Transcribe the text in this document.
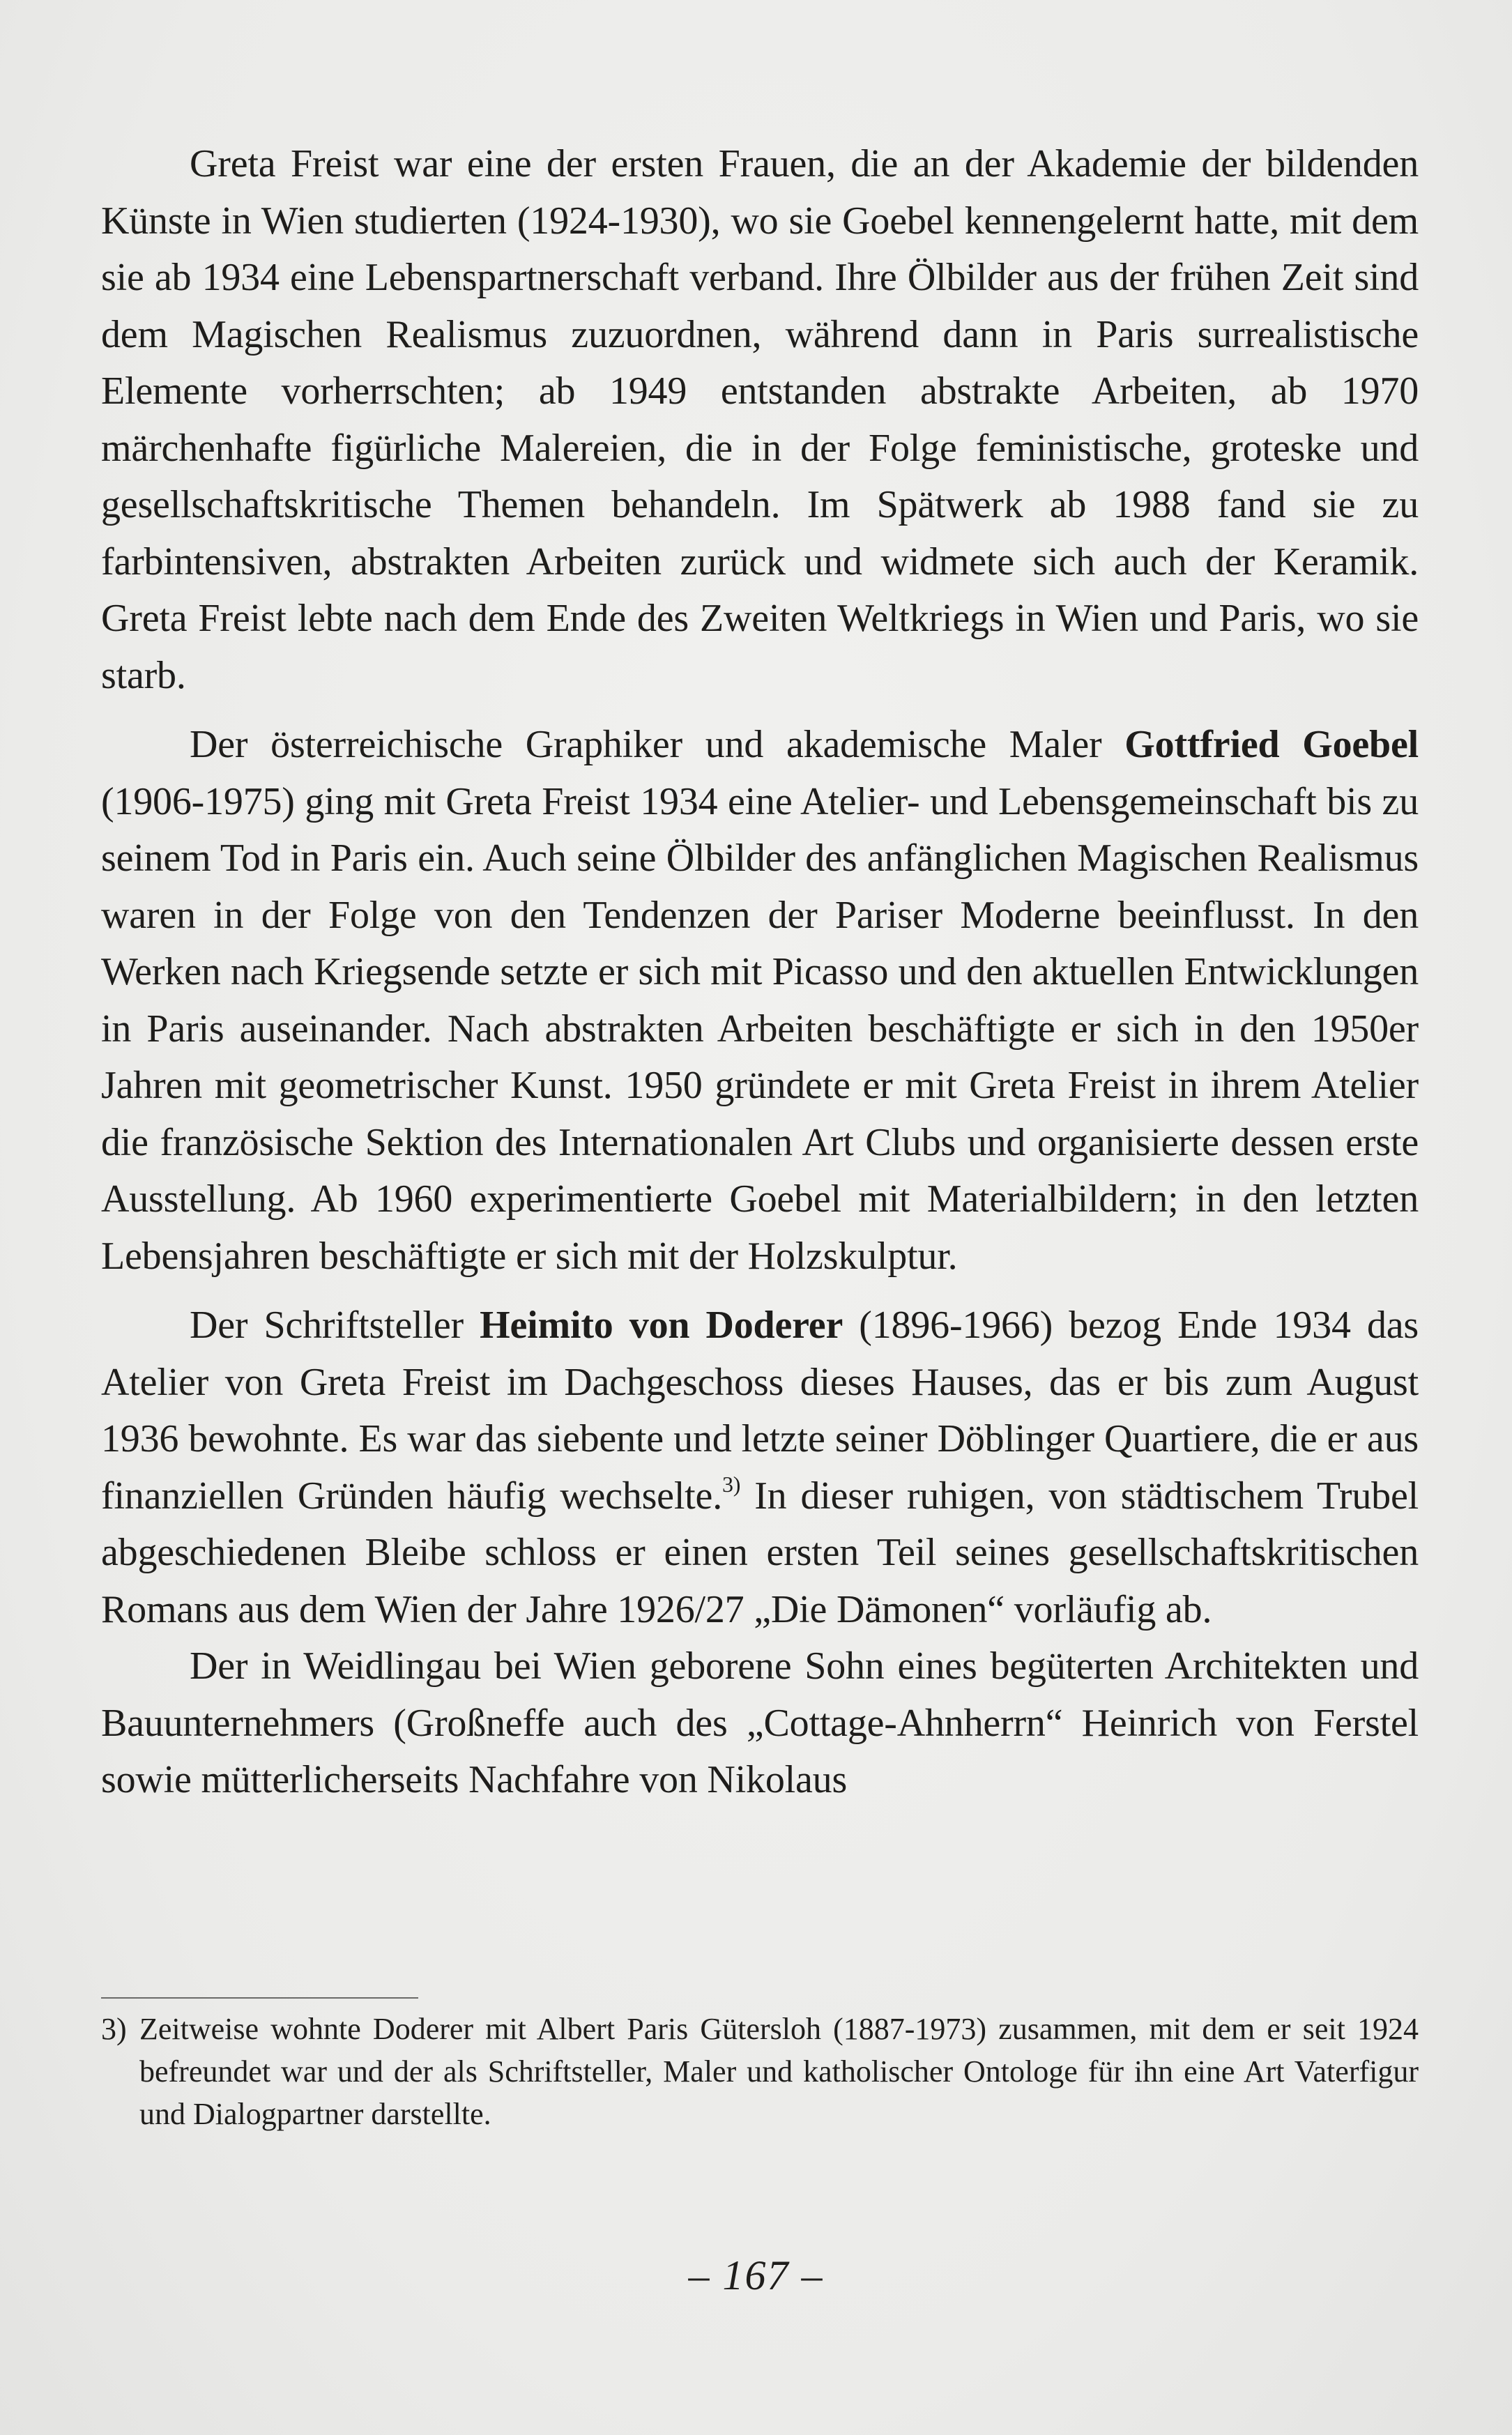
Greta Freist war eine der ersten Frauen, die an der Akademie der bildenden Künste in Wien studierten (1924-1930), wo sie Goebel kennengelernt hatte, mit dem sie ab 1934 eine Lebenspartnerschaft verband. Ihre Ölbilder aus der frühen Zeit sind dem Magischen Realismus zuzuordnen, während dann in Paris surrealistische Elemente vorherrschten; ab 1949 entstanden abstrakte Arbeiten, ab 1970 märchenhafte figürliche Malereien, die in der Folge feministische, groteske und gesellschaftskritische Themen behandeln. Im Spätwerk ab 1988 fand sie zu farbintensiven, abstrakten Arbeiten zurück und widmete sich auch der Keramik. Greta Freist lebte nach dem Ende des Zweiten Weltkriegs in Wien und Paris, wo sie starb.

Der österreichische Graphiker und akademische Maler Gottfried Goebel (1906-1975) ging mit Greta Freist 1934 eine Atelier- und Lebensgemeinschaft bis zu seinem Tod in Paris ein. Auch seine Ölbilder des anfänglichen Magischen Realismus waren in der Folge von den Tendenzen der Pariser Moderne beeinflusst. In den Werken nach Kriegsende setzte er sich mit Picasso und den aktuellen Entwicklungen in Paris auseinander. Nach abstrakten Arbeiten beschäftigte er sich in den 1950er Jahren mit geometrischer Kunst. 1950 gründete er mit Greta Freist in ihrem Atelier die französische Sektion des Internationalen Art Clubs und organisierte dessen erste Ausstellung. Ab 1960 experimentierte Goebel mit Materialbildern; in den letzten Lebensjahren beschäftigte er sich mit der Holzskulptur.

Der Schriftsteller Heimito von Doderer (1896-1966) bezog Ende 1934 das Atelier von Greta Freist im Dachgeschoss dieses Hauses, das er bis zum August 1936 bewohnte. Es war das siebente und letzte seiner Döblinger Quartiere, die er aus finanziellen Gründen häufig wechselte.$^{3)}$ In dieser ruhigen, von städtischem Trubel abgeschiedenen Bleibe schloss er einen ersten Teil seines gesellschaftskritischen Romans aus dem Wien der Jahre 1926/27 „Die Dämonen“ vorläufig ab.

Der in Weidlingau bei Wien geborene Sohn eines begüterten Architekten und Bauunternehmers (Großneffe auch des „Cottage-Ahnherrn“ Heinrich von Ferstel sowie mütterlicherseits Nachfahre von Nikolaus

3) Zeitweise wohnte Doderer mit Albert Paris Gütersloh (1887-1973) zusammen, mit dem er seit 1924 befreundet war und der als Schriftsteller, Maler und katholischer Ontologe für ihn eine Art Vaterfigur und Dialogpartner darstellte.
– 167 –
